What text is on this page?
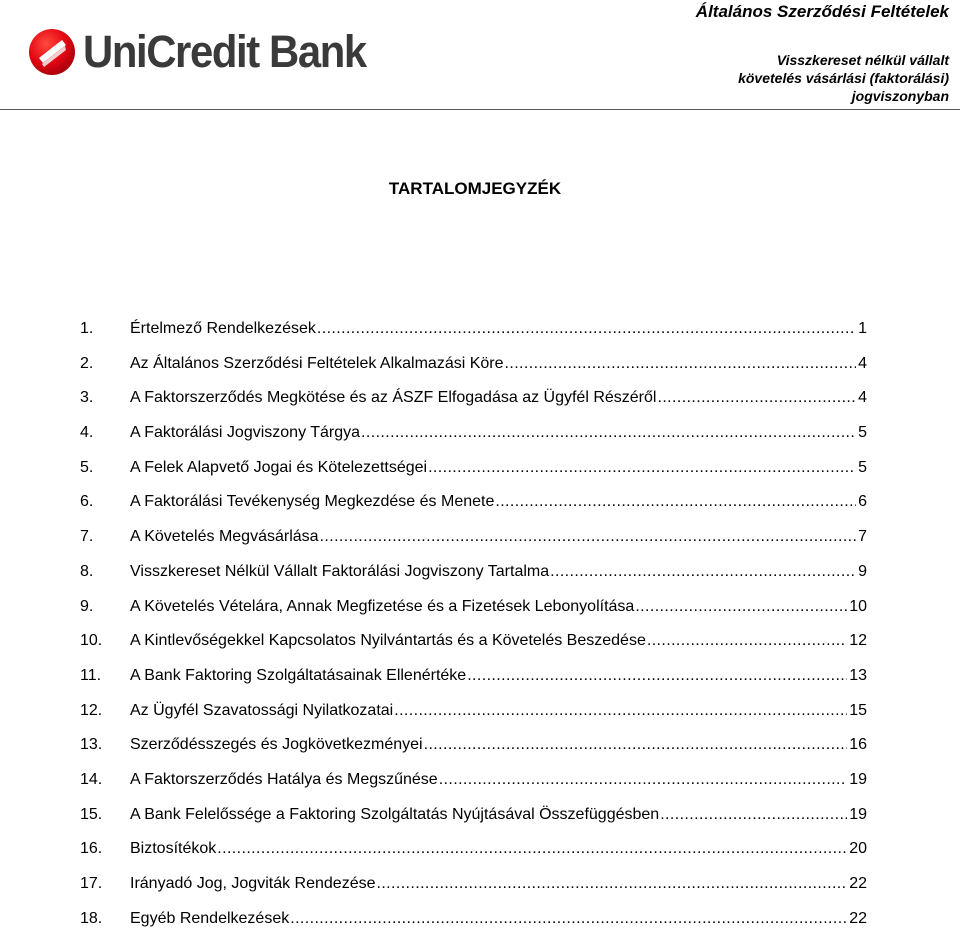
UniCredit Bank
Általános Szerződési Feltételek
Visszkereset nélkül vállalt
követelés vásárlási (faktorálási)
jogviszonyban
TARTALOMJEGYZÉK
1.	Értelmező Rendelkezések .....	1
2.	Az Általános Szerződési Feltételek Alkalmazási Köre .....	4
3.	A Faktorszerződés Megkötése és az ÁSZF Elfogadása az Ügyfél Részéről .....	4
4.	A Faktorálási Jogviszony Tárgya .....	5
5.	A Felek Alapvető Jogai és Kötelezettségei .....	5
6.	A Faktorálási Tevékenység Megkezdése és Menete .....	6
7.	A Követelés Megvásárlása .....	7
8.	Visszkereset Nélkül Vállalt Faktorálási Jogviszony Tartalma .....	9
9.	A Követelés Vételára, Annak Megfizetése és a Fizetések Lebonyolítása .....	10
10.	A Kintlevőségekkel Kapcsolatos Nyilvántartás és a Követelés Beszedése .....	12
11.	A Bank Faktoring Szolgáltatásainak Ellenértéke .....	13
12.	Az Ügyfél Szavatossági Nyilatkozatai .....	15
13.	Szerződésszegés és Jogkövetkezményei .....	16
14.	A Faktorszerződés Hatálya és Megszűnése .....	19
15.	A Bank Felelőssége a Faktoring Szolgáltatás Nyújtásával Összefüggésben .....	19
16.	Biztosítékok .....	20
17.	Irányadó Jog, Jogviták Rendezése .....	22
18.	Egyéb Rendelkezések .....	22
